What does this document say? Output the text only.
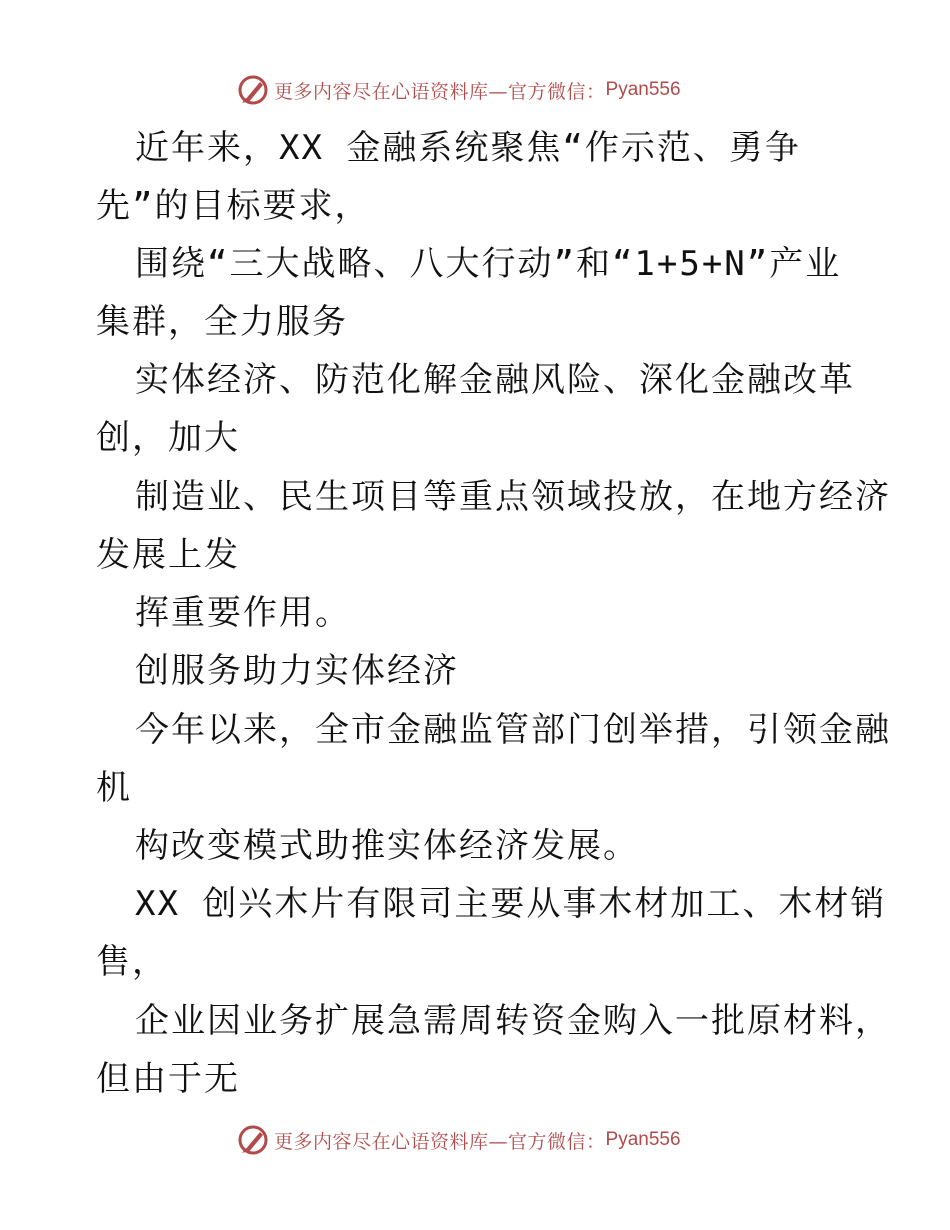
更多内容尽在心语资料库—官方微信： Pyan556
近年来，XX 金融系统聚焦“作示范、勇争
先”的目标要求，
围绕“三大战略、八大行动”和“1+5+N”产业
集群，全力服务
实体经济、防范化解金融风险、深化金融改革
创，加大
制造业、民生项目等重点领域投放，在地方经济
发展上发
挥重要作用。
创服务助力实体经济
今年以来，全市金融监管部门创举措，引领金融
机
构改变模式助推实体经济发展。
XX 创兴木片有限司主要从事木材加工、木材销
售，
企业因业务扩展急需周转资金购入一批原材料，
但由于无
更多内容尽在心语资料库—官方微信： Pyan556
